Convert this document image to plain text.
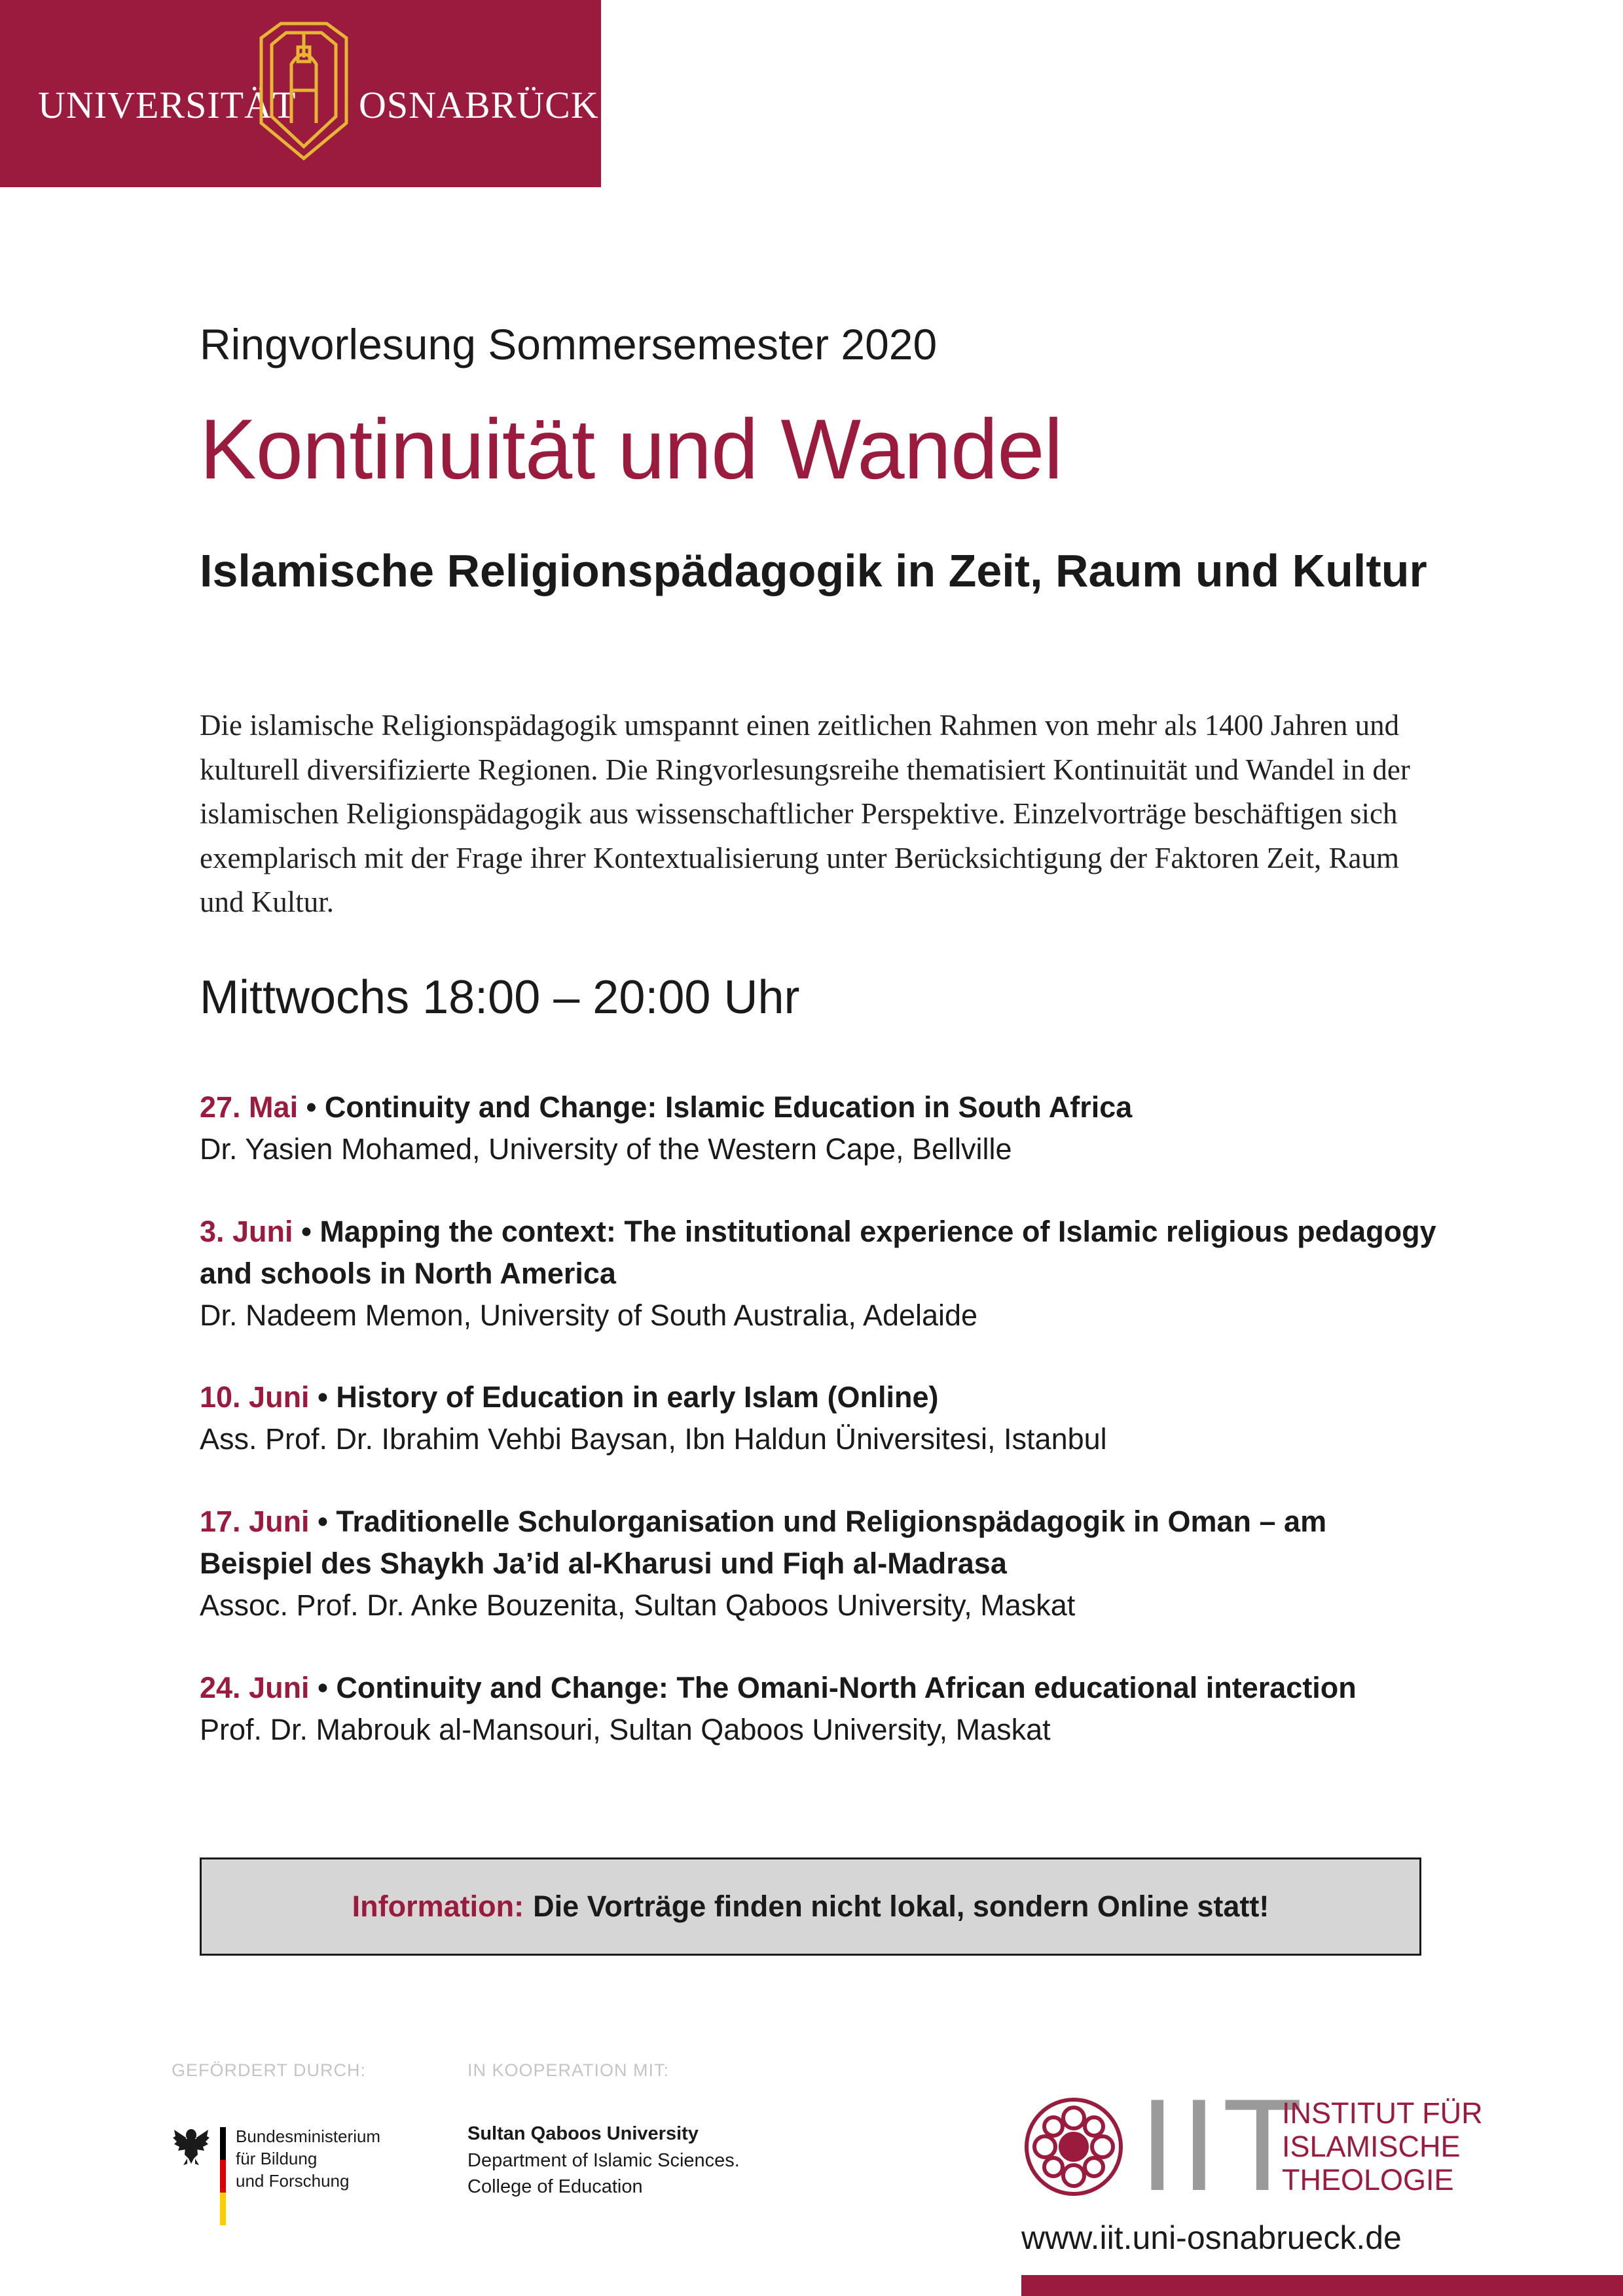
UNIVERSITÄT OSNABRÜCK
Ringvorlesung Sommersemester 2020
Kontinuität und Wandel
Islamische Religionspädagogik in Zeit, Raum und Kultur
Die islamische Religionspädagogik umspannt einen zeitlichen Rahmen von mehr als 1400 Jahren und kulturell diversifizierte Regionen. Die Ringvorlesungsreihe thematisiert Kontinuität und Wandel in der islamischen Religionspädagogik aus wissenschaftlicher Perspektive. Einzelvorträge beschäftigen sich exemplarisch mit der Frage ihrer Kontextualisierung unter Berücksichtigung der Faktoren Zeit, Raum und Kultur.
Mittwochs 18:00 – 20:00 Uhr
27. Mai • Continuity and Change: Islamic Education in South Africa
Dr. Yasien Mohamed, University of the Western Cape, Bellville
3. Juni • Mapping the context: The institutional experience of Islamic religious pedagogy and schools in North America
Dr. Nadeem Memon, University of South Australia, Adelaide
10. Juni • History of Education in early Islam (Online)
Ass. Prof. Dr. Ibrahim Vehbi Baysan, Ibn Haldun Üniversitesi, Istanbul
17. Juni • Traditionelle Schulorganisation und Religionspädagogik in Oman – am Beispiel des Shaykh Ja’id al-Kharusi und Fiqh al-Madrasa
Assoc. Prof. Dr. Anke Bouzenita, Sultan Qaboos University, Maskat
24. Juni • Continuity and Change: The Omani-North African educational interaction
Prof. Dr. Mabrouk al-Mansouri, Sultan Qaboos University, Maskat
Information: Die Vorträge finden nicht lokal, sondern Online statt!
GEFÖRDERT DURCH:	IN KOOPERATION MIT:
Bundesministerium
für Bildung
und Forschung
Sultan Qaboos University
Department of Islamic Sciences.
College of Education	IIT
INSTITUT FÜR
ISLAMISCHE
THEOLOGIE
www.iit.uni-osnabrueck.de
